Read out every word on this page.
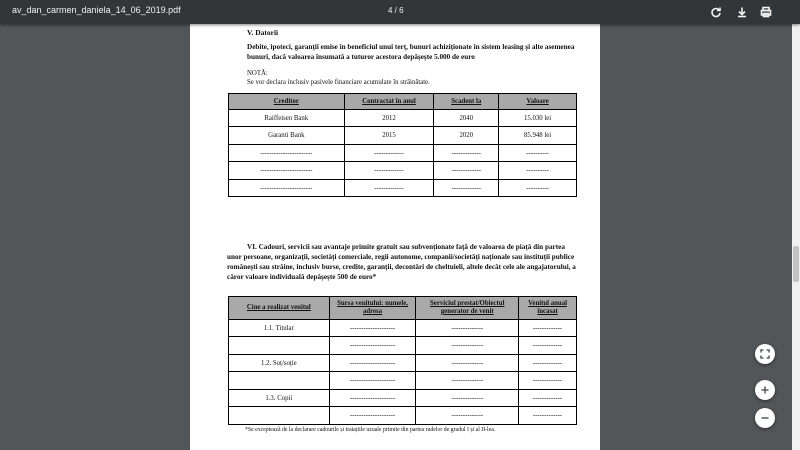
av_dan_carmen_daniela_14_06_2019.pdf	4 / 6
V. Datorii
Debite, ipoteci, garanții emise în beneficiul unui terț, bunuri achiziționate în sistem leasing și alte asemenea bunuri, dacă valoarea însumată a tuturor acestora depășește 5.000 de euro
NOTĂ:
Se vor declara inclusiv pasivele financiare acumulate în străinătate.
Creditor	Contractat în anul	Scadent la	Valoare
Raiffeisen Bank	2012	2040	15.030 lei
Garanti Bank	2015	2020	85.948 lei
-----------------------	-------------	-------------	----------
-----------------------	-------------	-------------	----------
-----------------------	-------------	-------------	----------
VI. Cadouri, servicii sau avantaje primite gratuit sau subvenționate față de valoarea de piață din partea unor persoane, organizații, societăți comerciale, regii autonome, companii/societăți naționale sau instituții publice românești sau străine, inclusiv burse, credite, garanții, decontări de cheltuieli, altele decât cele ale angajatorului, a căror valoare individuală depășește 500 de euro*
Cine a realizat venitul	Sursa venitului: numele, adresa	Serviciul prestat/Obiectul generator de venit	Venitul anual încasat
1.1. Titular	--------------------	--------------	-------------
	--------------------	--------------	-------------
1.2. Soț/soție	--------------------	--------------	-------------
	--------------------	--------------	-------------
1.3. Copii	--------------------	--------------	-------------
	--------------------	--------------	-------------
*Se exceptează de la declarare cadourile și tratațiile uzuale primite din partea rudelor de gradul I și al II-lea.
